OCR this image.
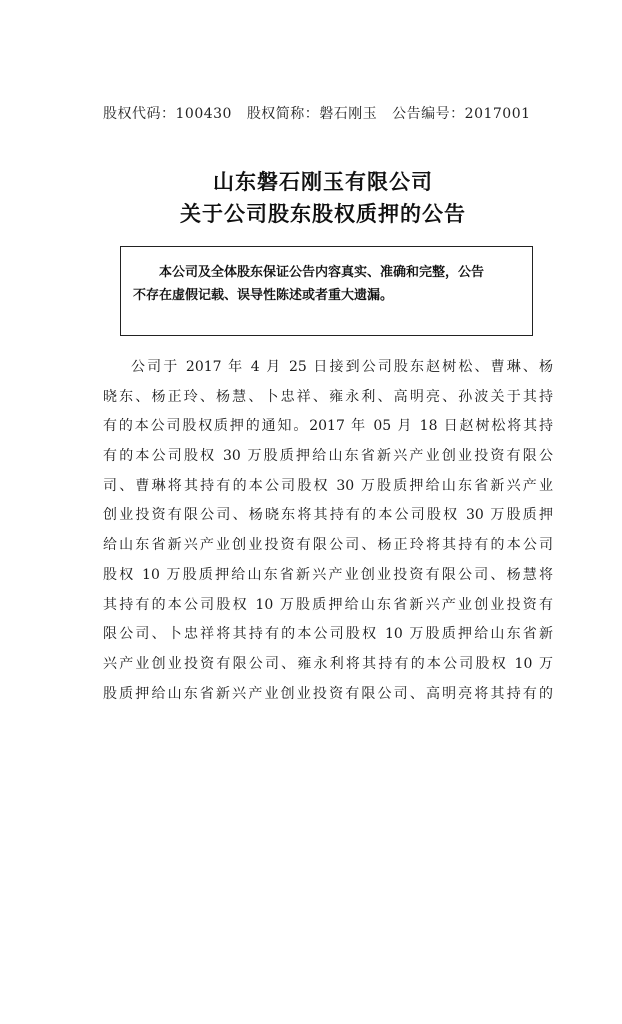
股权代码：100430 股权简称：磐石刚玉 公告编号：2017001
山东磐石刚玉有限公司
关于公司股东股权质押的公告
本公司及全体股东保证公告内容真实、准确和完整，公告
不存在虚假记载、误导性陈述或者重大遗漏。
公司于 2017 年 4 月 25 日接到公司股东赵树松、曹琳、杨
晓东、杨正玲、杨慧、卜忠祥、雍永利、高明亮、孙波关于其持
有的本公司股权质押的通知。2017 年 05 月 18 日赵树松将其持
有的本公司股权 30 万股质押给山东省新兴产业创业投资有限公
司、曹琳将其持有的本公司股权 30 万股质押给山东省新兴产业
创业投资有限公司、杨晓东将其持有的本公司股权 30 万股质押
给山东省新兴产业创业投资有限公司、杨正玲将其持有的本公司
股权 10 万股质押给山东省新兴产业创业投资有限公司、杨慧将
其持有的本公司股权 10 万股质押给山东省新兴产业创业投资有
限公司、卜忠祥将其持有的本公司股权 10 万股质押给山东省新
兴产业创业投资有限公司、雍永利将其持有的本公司股权 10 万
股质押给山东省新兴产业创业投资有限公司、高明亮将其持有的
